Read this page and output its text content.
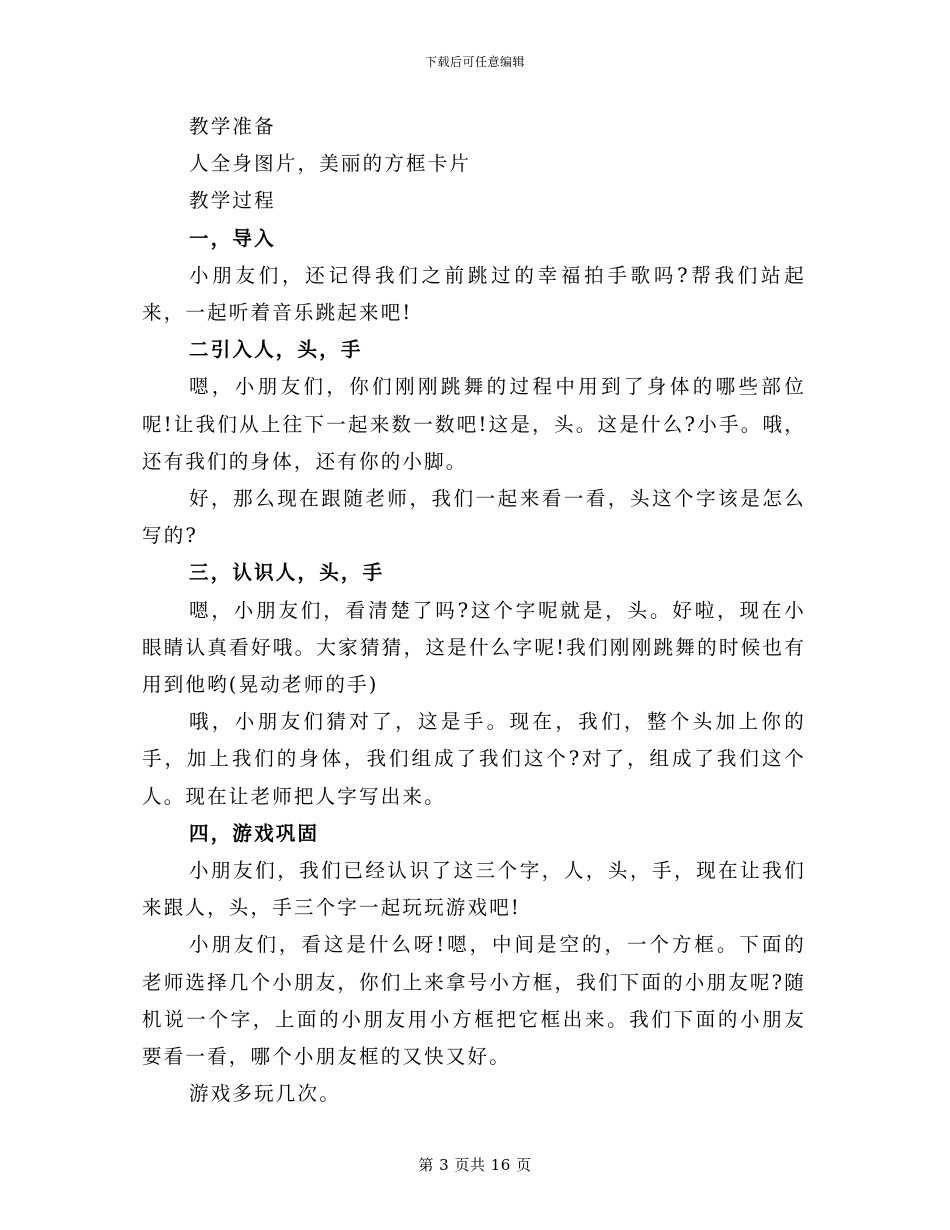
下载后可任意编辑

教学准备

人全身图片，美丽的方框卡片

教学过程

一，导入

小朋友们，还记得我们之前跳过的幸福拍手歌吗?帮我们站起来，一起听着音乐跳起来吧!

二引入人，头，手

嗯，小朋友们，你们刚刚跳舞的过程中用到了身体的哪些部位呢!让我们从上往下一起来数一数吧!这是，头。这是什么?小手。哦，还有我们的身体，还有你的小脚。

好，那么现在跟随老师，我们一起来看一看，头这个字该是怎么写的?

三，认识人，头，手

嗯，小朋友们，看清楚了吗?这个字呢就是，头。好啦，现在小眼睛认真看好哦。大家猜猜，这是什么字呢!我们刚刚跳舞的时候也有用到他哟(晃动老师的手)

哦，小朋友们猜对了，这是手。现在，我们，整个头加上你的手，加上我们的身体，我们组成了我们这个?对了，组成了我们这个人。现在让老师把人字写出来。

四，游戏巩固

小朋友们，我们已经认识了这三个字，人，头，手，现在让我们来跟人，头，手三个字一起玩玩游戏吧!

小朋友们，看这是什么呀!嗯，中间是空的，一个方框。下面的老师选择几个小朋友，你们上来拿号小方框，我们下面的小朋友呢?随机说一个字，上面的小朋友用小方框把它框出来。我们下面的小朋友要看一看，哪个小朋友框的又快又好。

游戏多玩几次。

第 3 页共 16 页
